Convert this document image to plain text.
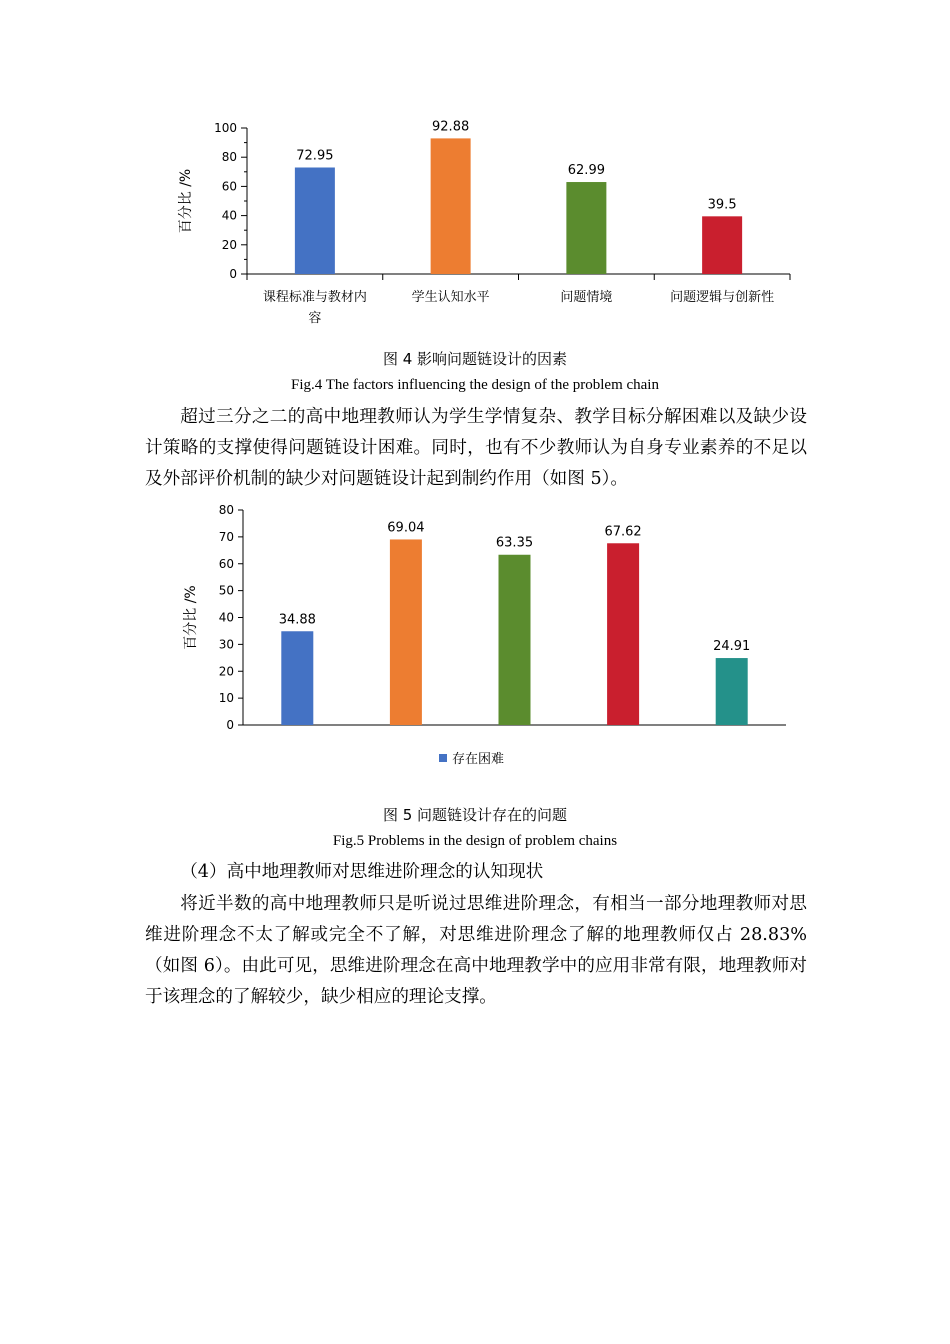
0
20
40
60
80
100
72.95
课程标准与教材内
容
92.88
学生认知水平
62.99
问题情境
39.5
问题逻辑与创新性
百分比 /%
图 4 影响问题链设计的因素
Fig.4 The factors influencing the design of the problem chain

超过三分之二的高中地理教师认为学生学情复杂、教学目标分解困难以及缺少设计策略的支撑使得问题链设计困难。同时，也有不少教师认为自身专业素养的不足以及外部评价机制的缺少对问题链设计起到制约作用（如图 5）。

0
10
20
30
40
50
60
70
80
34.88
69.04
63.35
67.62
24.91
百分比 /%
存在困难
图 5 问题链设计存在的问题
Fig.5 Problems in the design of problem chains

（4）高中地理教师对思维进阶理念的认知现状

将近半数的高中地理教师只是听说过思维进阶理念，有相当一部分地理教师对思维进阶理念不太了解或完全不了解，对思维进阶理念了解的地理教师仅占 28.83%（如图 6）。由此可见，思维进阶理念在高中地理教学中的应用非常有限，地理教师对于该理念的了解较少，缺少相应的理论支撑。
